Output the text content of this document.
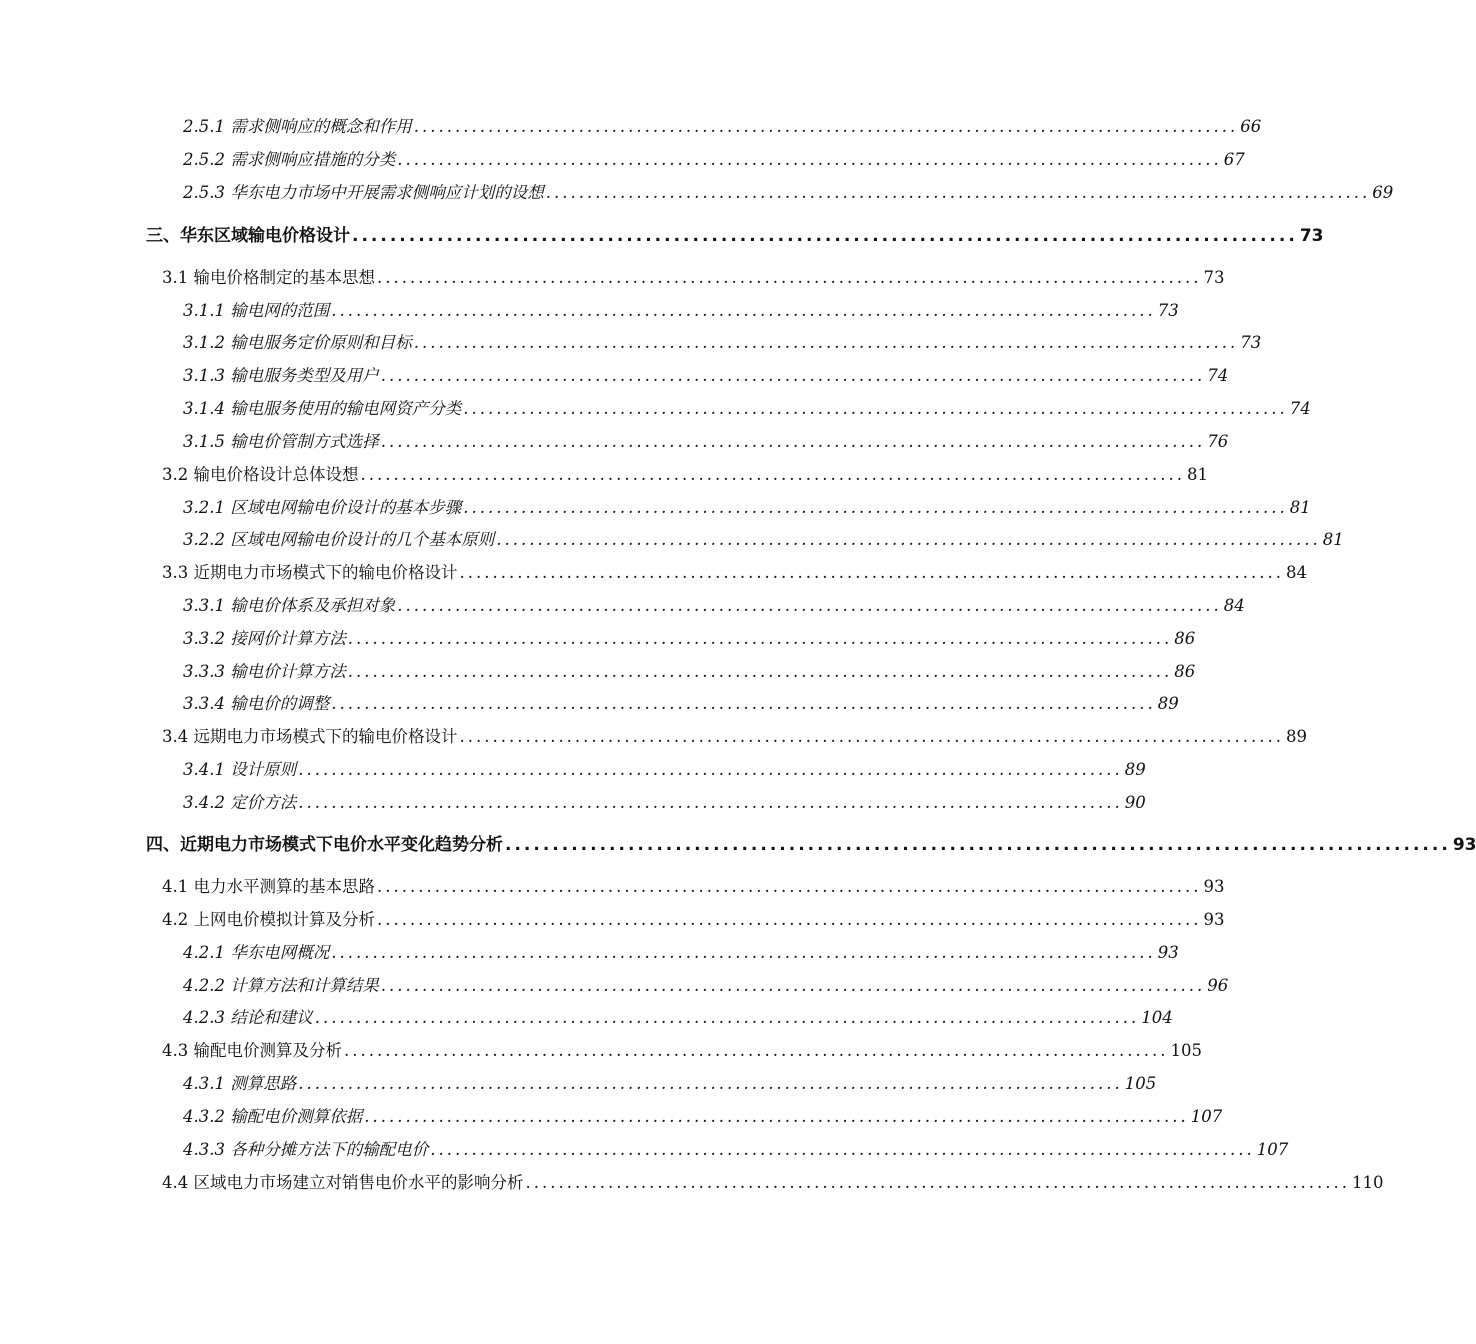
2.5.1 需求侧响应的概念和作用 .................................................................................................... 66
2.5.2 需求侧响应措施的分类 .................................................................................................... 67
2.5.3 华东电力市场中开展需求侧响应计划的设想 .................................................................................................... 69
三、华东区域输电价格设计 .................................................................................................... 73
3.1 输电价格制定的基本思想 .................................................................................................... 73
3.1.1 输电网的范围 .................................................................................................... 73
3.1.2 输电服务定价原则和目标 .................................................................................................... 73
3.1.3 输电服务类型及用户 .................................................................................................... 74
3.1.4 输电服务使用的输电网资产分类 .................................................................................................... 74
3.1.5 输电价管制方式选择 .................................................................................................... 76
3.2 输电价格设计总体设想 .................................................................................................... 81
3.2.1 区域电网输电价设计的基本步骤 .................................................................................................... 81
3.2.2 区域电网输电价设计的几个基本原则 .................................................................................................... 81
3.3 近期电力市场模式下的输电价格设计 .................................................................................................... 84
3.3.1 输电价体系及承担对象 .................................................................................................... 84
3.3.2 接网价计算方法 .................................................................................................... 86
3.3.3 输电价计算方法 .................................................................................................... 86
3.3.4 输电价的调整 .................................................................................................... 89
3.4 远期电力市场模式下的输电价格设计 .................................................................................................... 89
3.4.1 设计原则 .................................................................................................... 89
3.4.2 定价方法 .................................................................................................... 90
四、近期电力市场模式下电价水平变化趋势分析 .................................................................................................... 93
4.1 电力水平测算的基本思路 .................................................................................................... 93
4.2 上网电价模拟计算及分析 .................................................................................................... 93
4.2.1 华东电网概况 .................................................................................................... 93
4.2.2 计算方法和计算结果 .................................................................................................... 96
4.2.3 结论和建议 .................................................................................................... 104
4.3 输配电价测算及分析 .................................................................................................... 105
4.3.1 测算思路 .................................................................................................... 105
4.3.2 输配电价测算依据 .................................................................................................... 107
4.3.3 各种分摊方法下的输配电价 .................................................................................................... 107
4.4 区域电力市场建立对销售电价水平的影响分析 .................................................................................................... 110
